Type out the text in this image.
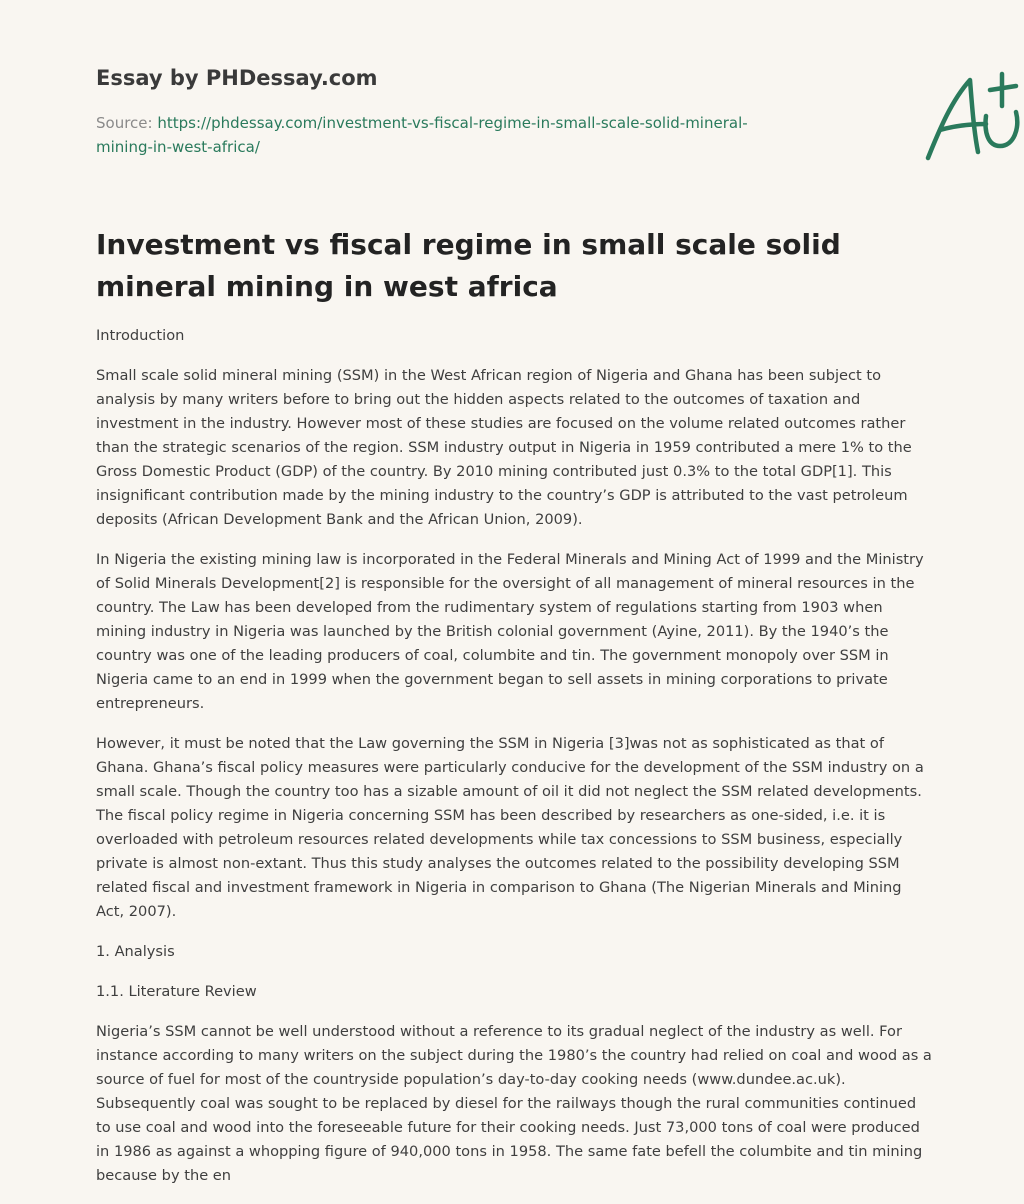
Essay by PHDessay.com
Source: https://phdessay.com/investment-vs-fiscal-regime-in-small-scale-solid-mineral-mining-in-west-africa/
Investment vs fiscal regime in small scale solid mineral mining in west africa

Introduction

Small scale solid mineral mining (SSM) in the West African region of Nigeria and Ghana has been subject to analysis by many writers before to bring out the hidden aspects related to the outcomes of taxation and investment in the industry. However most of these studies are focused on the volume related outcomes rather than the strategic scenarios of the region. SSM industry output in Nigeria in 1959 contributed a mere 1% to the Gross Domestic Product (GDP) of the country. By 2010 mining contributed just 0.3% to the total GDP[1]. This insignificant contribution made by the mining industry to the country’s GDP is attributed to the vast petroleum deposits (African Development Bank and the African Union, 2009).

In Nigeria the existing mining law is incorporated in the Federal Minerals and Mining Act of 1999 and the Ministry of Solid Minerals Development[2] is responsible for the oversight of all management of mineral resources in the country. The Law has been developed from the rudimentary system of regulations starting from 1903 when mining industry in Nigeria was launched by the British colonial government (Ayine, 2011). By the 1940’s the country was one of the leading producers of coal, columbite and tin. The government monopoly over SSM in Nigeria came to an end in 1999 when the government began to sell assets in mining corporations to private entrepreneurs.

However, it must be noted that the Law governing the SSM in Nigeria [3]was not as sophisticated as that of Ghana. Ghana’s fiscal policy measures were particularly conducive for the development of the SSM industry on a small scale. Though the country too has a sizable amount of oil it did not neglect the SSM related developments. The fiscal policy regime in Nigeria concerning SSM has been described by researchers as one-sided, i.e. it is overloaded with petroleum resources related developments while tax concessions to SSM business, especially private is almost non-extant. Thus this study analyses the outcomes related to the possibility developing SSM related fiscal and investment framework in Nigeria in comparison to Ghana (The Nigerian Minerals and Mining Act, 2007).

1. Analysis

1.1. Literature Review

Nigeria’s SSM cannot be well understood without a reference to its gradual neglect of the industry as well. For instance according to many writers on the subject during the 1980’s the country had relied on coal and wood as a source of fuel for most of the countryside population’s day-to-day cooking needs (www.dundee.ac.uk). Subsequently coal was sought to be replaced by diesel for the railways though the rural communities continued to use coal and wood into the foreseeable future for their cooking needs. Just 73,000 tons of coal were produced in 1986 as against a whopping figure of 940,000 tons in 1958. The same fate befell the columbite and tin mining because by the en
